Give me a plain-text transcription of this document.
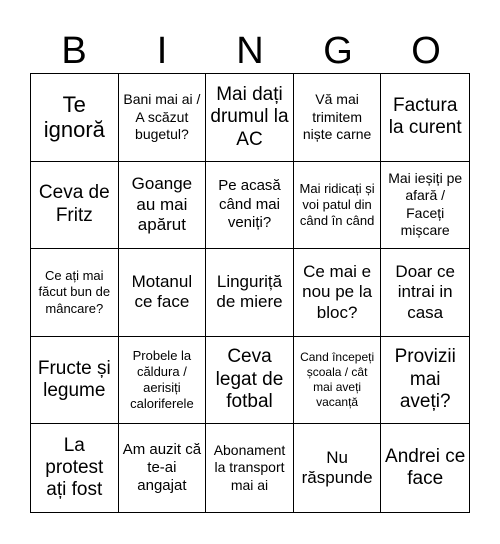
B	I	N	G	O
Te ignoră
Bani mai ai / A scăzut bugetul?
Mai dați drumul la AC
Vă mai trimitem niște carne
Factura la curent
Ceva de Fritz
Goange au mai apărut
Pe acasă când mai veniți?
Mai ridicați și voi patul din când în când
Mai ieșiți pe afară / Faceți mișcare
Ce ați mai făcut bun de mâncare?
Motanul ce face
Linguriță de miere
Ce mai e nou pe la bloc?
Doar ce intrai in casa
Fructe și legume
Probele la căldura / aerisiți caloriferele
Ceva legat de fotbal
Cand începeți școala / cât mai aveți vacanță
Provizii mai aveți?
La protest ați fost
Am auzit că te-ai angajat
Abonament la transport mai ai
Nu răspunde
Andrei ce face
